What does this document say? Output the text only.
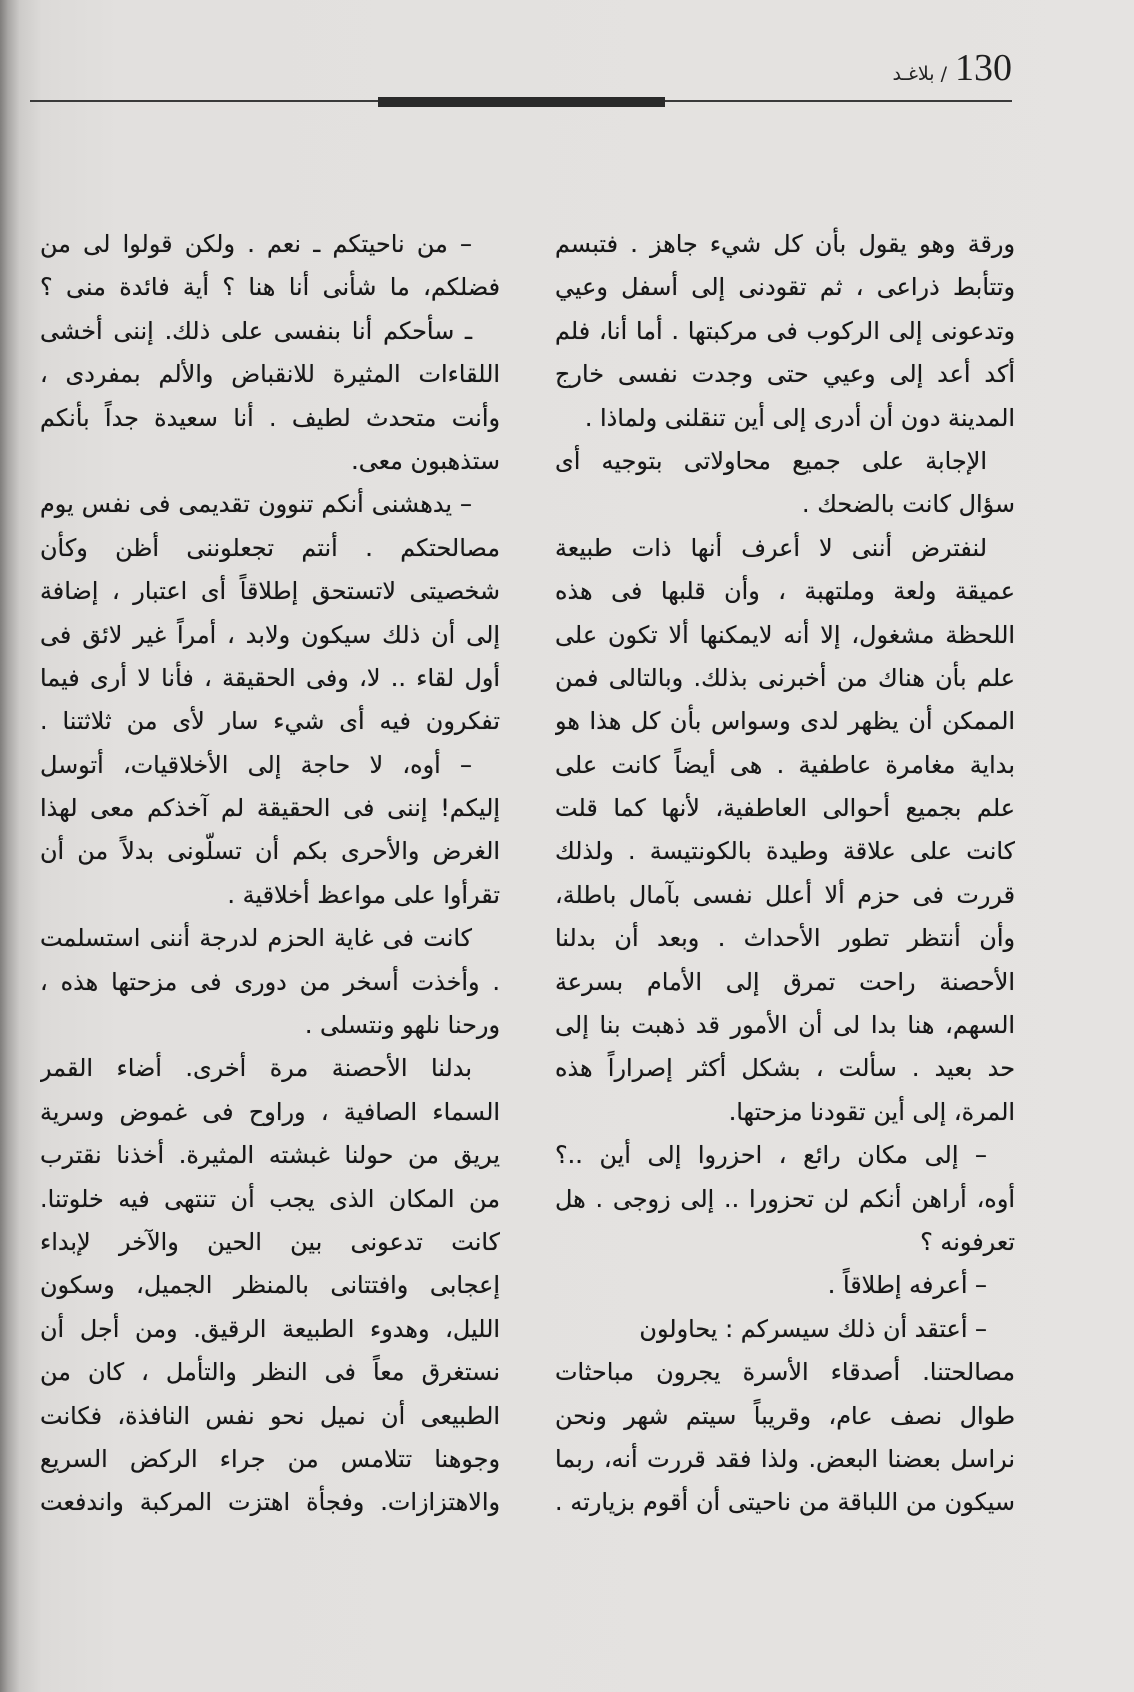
130
/ بلاغـد
ورقة وهو يقول بأن كل شيء جاهز . فتبسم
وتتأبط ذراعى ، ثم تقودنى إلى أسفل وعيي
وتدعونى إلى الركوب فى مركبتها . أما أنا، فلم
أكد أعد إلى وعيي حتى وجدت نفسى خارج
المدينة دون أن أدرى إلى أين تنقلنى ولماذا .
الإجابة على جميع محاولاتى بتوجيه أى
سؤال كانت بالضحك .
لنفترض أننى لا أعرف أنها ذات طبيعة
عميقة ولعة وملتهبة ، وأن قلبها فى هذه
اللحظة مشغول، إلا أنه لايمكنها ألا تكون على
علم بأن هناك من أخبرنى بذلك. وبالتالى فمن
الممكن أن يظهر لدى وسواس بأن كل هذا هو
بداية مغامرة عاطفية . هى أيضاً كانت على
علم بجميع أحوالى العاطفية، لأنها كما قلت
كانت على علاقة وطيدة بالكونتيسة . ولذلك
قررت فى حزم ألا أعلل نفسى بآمال باطلة،
وأن أنتظر تطور الأحداث . وبعد أن بدلنا
الأحصنة راحت تمرق إلى الأمام بسرعة
السهم، هنا بدا لى أن الأمور قد ذهبت بنا إلى
حد بعيد . سألت ، بشكل أكثر إصراراً هذه
المرة، إلى أين تقودنا مزحتها.
– إلى مكان رائع ، احزروا إلى أين ..؟
أوه، أراهن أنكم لن تحزورا .. إلى زوجى . هل
تعرفونه ؟
– أعرفه إطلاقاً .
– أعتقد أن ذلك سيسركم : يحاولون
مصالحتنا. أصدقاء الأسرة يجرون مباحثات
طوال نصف عام، وقريباً سيتم شهر ونحن
نراسل بعضنا البعض. ولذا فقد قررت أنه، ربما
سيكون من اللباقة من ناحيتى أن أقوم بزيارته .
– من ناحيتكم ـ نعم . ولكن قولوا لى من
فضلكم، ما شأنى أنا هنا ؟ أية فائدة منى ؟
ـ سأحكم أنا بنفسى على ذلك. إننى أخشى
اللقاءات المثيرة للانقباض والألم بمفردى ،
وأنت متحدث لطيف . أنا سعيدة جداً بأنكم
ستذهبون معى.
– يدهشنى أنكم تنوون تقديمى فى نفس يوم
مصالحتكم . أنتم تجعلوننى أظن وكأن
شخصيتى لاتستحق إطلاقاً أى اعتبار ، إضافة
إلى أن ذلك سيكون ولابد ، أمراً غير لائق فى
أول لقاء .. لا، وفى الحقيقة ، فأنا لا أرى فيما
تفكرون فيه أى شيء سار لأى من ثلاثتنا .
– أوه، لا حاجة إلى الأخلاقيات، أتوسل
إليكم! إننى فى الحقيقة لم آخذكم معى لهذا
الغرض والأحرى بكم أن تسلّونى بدلاً من أن
تقرأوا على مواعظ أخلاقية .
كانت فى غاية الحزم لدرجة أننى استسلمت
. وأخذت أسخر من دورى فى مزحتها هذه ،
ورحنا نلهو ونتسلى .
بدلنا الأحصنة مرة أخرى. أضاء القمر
السماء الصافية ، وراوح فى غموض وسرية
يريق من حولنا غبشته المثيرة. أخذنا نقترب
من المكان الذى يجب أن تنتهى فيه خلوتنا.
كانت تدعونى بين الحين والآخر لإبداء
إعجابى وافتتانى بالمنظر الجميل، وسكون
الليل، وهدوء الطبيعة الرقيق. ومن أجل أن
نستغرق معاً فى النظر والتأمل ، كان من
الطبيعى أن نميل نحو نفس النافذة، فكانت
وجوهنا تتلامس من جراء الركض السريع
والاهتزازات. وفجأة اهتزت المركبة واندفعت
